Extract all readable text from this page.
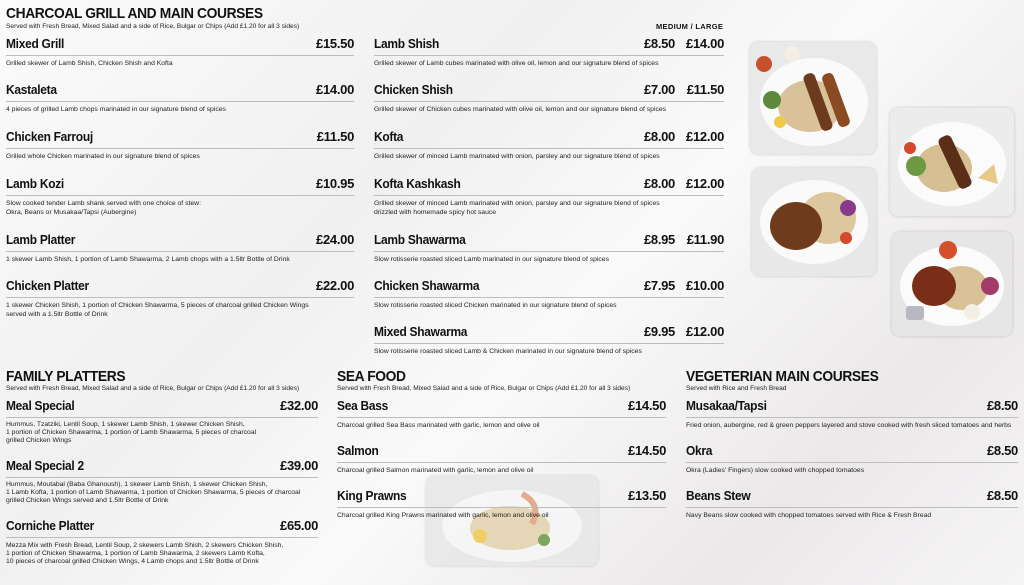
CHARCOAL GRILL AND MAIN COURSES
Served with Fresh Bread, Mixed Salad and a side of Rice, Bulgar or Chips (Add £1.20 for all 3 sides)
Mixed Grill	£15.50
Grilled skewer of Lamb Shish, Chicken Shish and Kofta
Kastaleta	£14.00
4 pieces of grilled Lamb chops marinated in our signature blend of spices
Chicken Farrouj	£11.50
Grilled whole Chicken marinated in our signature blend of spices
Lamb Kozi	£10.95
Slow cooked tender Lamb shank served with one choice of stew:
Okra, Beans or Musakaa/Tapsi (Aubergine)
Lamb Platter	£24.00
1 skewer Lamb Shish, 1 portion of Lamb Shawarma, 2 Lamb chops with a 1.5ltr Bottle of Drink
Chicken Platter	£22.00
1 skewer Chicken Shish, 1 portion of Chicken Shawarma, 5 pieces of charcoal grilled Chicken Wings
served with a 1.5ltr Bottle of Drink
MEDIUM / LARGE
Lamb Shish	£8.50 £14.00
Grilled skewer of Lamb cubes marinated with olive oil, lemon and our signature blend of spices
Chicken Shish	£7.00 £11.50
Grilled skewer of Chicken cubes marinated with olive oil, lemon and our signature blend of spices
Kofta	£8.00 £12.00
Grilled skewer of minced Lamb marinated with onion, parsley and our signature blend of spices
Kofta Kashkash	£8.00 £12.00
Grilled skewer of minced Lamb marinated with onion, parsley and our signature blend of spices
drizzled with homemade spicy hot sauce
Lamb Shawarma	£8.95 £11.90
Slow rotisserie roasted sliced Lamb marinated in our signature blend of spices
Chicken Shawarma	£7.95 £10.00
Slow rotisserie roasted sliced Chicken marinated in our signature blend of spices
Mixed Shawarma	£9.95 £12.00
Slow rotisserie roasted sliced Lamb & Chicken marinated in our signature blend of spices
FAMILY PLATTERS
Served with Fresh Bread, Mixed Salad and a side of Rice, Bulgar or Chips (Add £1.20 for all 3 sides)
Meal Special	£32.00
Hummus, Tzatziki, Lentil Soup, 1 skewer Lamb Shish, 1 skewer Chicken Shish,
1 portion of Chicken Shawarma, 1 portion of Lamb Shawarma, 5 pieces of charcoal
grilled Chicken Wings
Meal Special 2	£39.00
Hummus, Moutabal (Baba Ghanoush), 1 skewer Lamb Shish, 1 skewer Chicken Shish,
1 Lamb Kofta, 1 portion of Lamb Shawarma, 1 portion of Chicken Shawarma, 5 pieces of charcoal
grilled Chicken Wings served and 1.5ltr Bottle of Drink
Corniche Platter	£65.00
Mezza Mix with Fresh Bread, Lentil Soup, 2 skewers Lamb Shish, 2 skewers Chicken Shish,
1 portion of Chicken Shawarma, 1 portion of Lamb Shawarma, 2 skewers Lamb Kofta,
10 pieces of charcoal grilled Chicken Wings, 4 Lamb chops and 1.5ltr Bottle of Drink
SEA FOOD
Served with Fresh Bread, Mixed Salad and a side of Rice, Bulgar or Chips (Add £1.20 for all 3 sides)
Sea Bass	£14.50
Charcoal grilled Sea Bass marinated with garlic, lemon and olive oil
Salmon	£14.50
Charcoal grilled Salmon marinated with garlic, lemon and olive oil
King Prawns	£13.50
Charcoal grilled King Prawns marinated with garlic, lemon and olive oil
VEGETERIAN MAIN COURSES
Served with Rice and Fresh Bread
Musakaa/Tapsi	£8.50
Fried onion, aubergine, red & green peppers layered and stove cooked with fresh sliced tomatoes and herbs
Okra	£8.50
Okra (Ladies' Fingers) slow cooked with chopped tomatoes
Beans Stew	£8.50
Navy Beans slow cooked with chopped tomatoes served with Rice & Fresh Bread
